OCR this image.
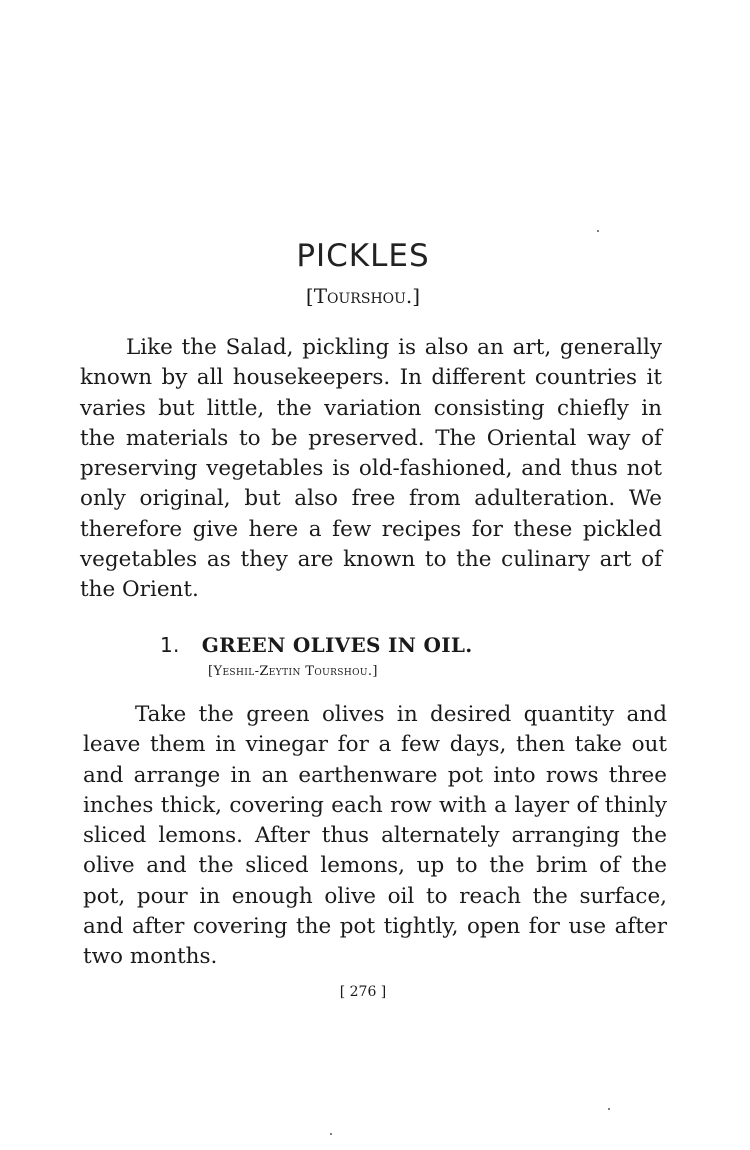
PICKLES

[Tourshou.]

Like the Salad, pickling is also an art, generally known by all housekeepers. In different countries it varies but little, the variation consisting chiefly in the materials to be preserved. The Oriental way of preserving vegetables is old-fashioned, and thus not only original, but also free from adulteration. We therefore give here a few recipes for these pickled vegetables as they are known to the culinary art of the Orient.

1. GREEN OLIVES IN OIL.

[Yeshil-Zeytin Tourshou.]

Take the green olives in desired quantity and leave them in vinegar for a few days, then take out and arrange in an earthenware pot into rows three inches thick, covering each row with a layer of thinly sliced lemons. After thus alternately arranging the olive and the sliced lemons, up to the brim of the pot, pour in enough olive oil to reach the surface, and after covering the pot tightly, open for use after two months.

[ 276 ]
